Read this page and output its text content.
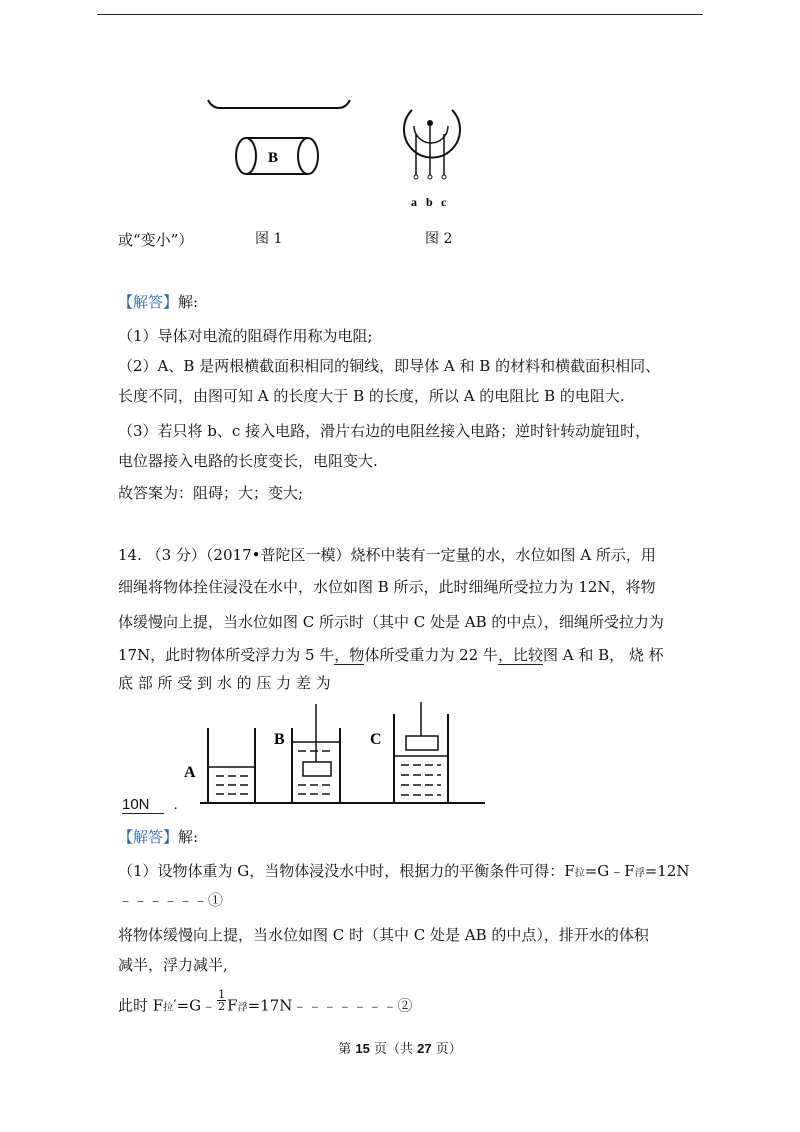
B
a b c
或“变小”）	图 1	图 2
【解答】解:
（1）导体对电流的阻碍作用称为电阻;
（2）A、B 是两根横截面积相同的铜线，即导体 A 和 B 的材料和横截面积相同、
长度不同，由图可知 A 的长度大于 B 的长度，所以 A 的电阻比 B 的电阻大.
（3）若只将 b、c 接入电路，滑片右边的电阻丝接入电路；逆时针转动旋钮时，
电位器接入电路的长度变长，电阻变大.
故答案为：阻碍；大；变大;
14. （3 分）（2017•普陀区一模）烧杯中装有一定量的水，水位如图 A 所示，用
细绳将物体拴住浸没在水中，水位如图 B 所示，此时细绳所受拉力为 12N，将物
体缓慢向上提，当水位如图 C 所示时（其中 C 处是 AB 的中点），细绳所受拉力为
17N，此时物体所受浮力为 5 牛，物体所受重力为 22 牛，比较图 A 和 B， 烧 杯
底 部 所 受 到 水 的 压 力 差 为
A
B	C
10N .
【解答】解:
（1）设物体重为 G，当物体浸没水中时，根据力的平衡条件可得：F拉=G﹣F浮=12N
﹣﹣﹣﹣﹣﹣①
将物体缓慢向上提，当水位如图 C 时（其中 C 处是 AB 的中点），排开水的体积
减半，浮力减半,
此时 F拉′=G﹣ $\frac{1}{2}$ F浮=17N﹣﹣﹣﹣﹣﹣﹣②
第 15 页（共 27 页）
